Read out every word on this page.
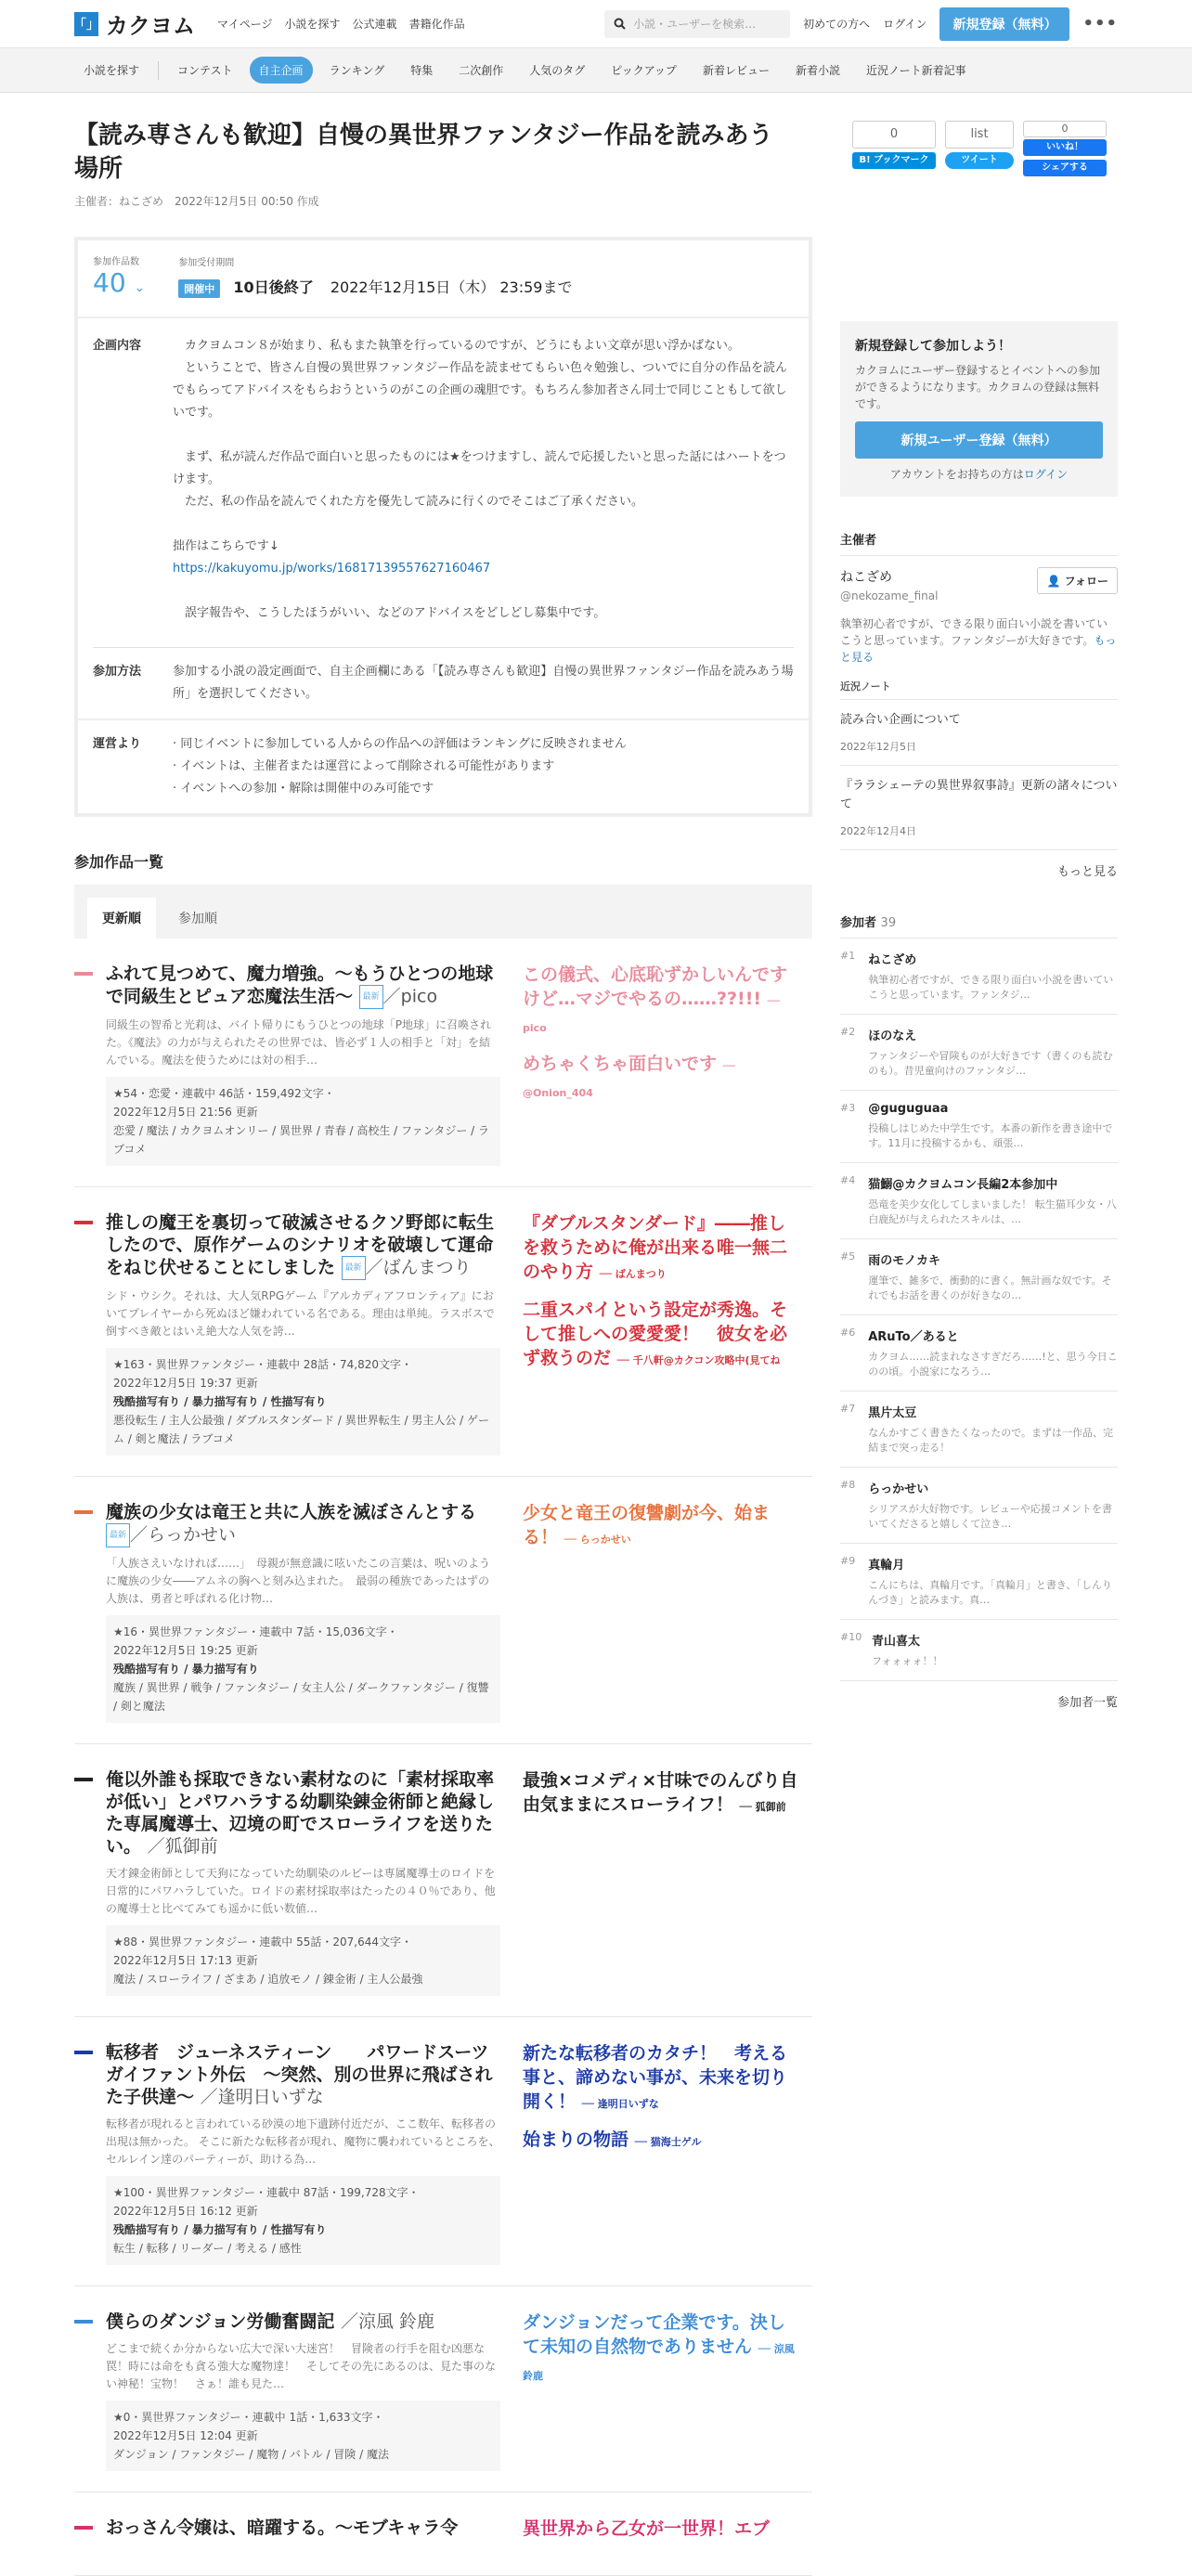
「」 カクヨム マイページ 小説を探す 公式連載 書籍化作品	小説・ユーザーを検索…	初めての方へ ログイン	新規登録（無料）	•••
小説を探す	コンテスト	自主企画	ランキング	特集	二次創作	人気のタグ	ピックアップ	新着レビュー	新着小説	近況ノート新着記事
0
B! ブックマーク
list
ツイート
0
いいね！
シェアする
【読み専さんも歓迎】自慢の異世界ファンタジー作品を読みあう場所
主催者：ねこざめ　2022年12月5日 00:50 作成
参加作品数
40 ⌄
参加受付期間
開催中 10日後終了 2022年12月15日（木） 23:59まで
企画内容	カクヨムコン８が始まり、私もまた執筆を行っているのですが、どうにもよい文章が思い浮かばない。

ということで、皆さん自慢の異世界ファンタジー作品を読ませてもらい色々勉強し、ついでに自分の作品を読んでもらってアドバイスをもらおうというのがこの企画の魂胆です。もちろん参加者さん同士で同じこともして欲しいです。

まず、私が読んだ作品で面白いと思ったものには★をつけますし、読んで応援したいと思った話にはハートをつけます。

ただ、私の作品を読んでくれた方を優先して読みに行くのでそこはご了承ください。

拙作はこちらです↓

https://kakuyomu.jp/works/16817139557627160467

誤字報告や、こうしたほうがいい、などのアドバイスをどしどし募集中です。

参加方法	参加する小説の設定画面で、自主企画欄にある「【読み専さんも歓迎】自慢の異世界ファンタジー作品を読みあう場所」を選択してください。
運営より	· 同じイベントに参加している人からの作品への評価はランキングに反映されません
· イベントは、主催者または運営によって削除される可能性があります
· イベントへの参加・解除は開催中のみ可能です
参加作品一覧
更新順	参加順
ふれて見つめて、魔力増強。～もうひとつの地球で同級生とピュア恋魔法生活～ 最新 ／pico
同級生の智希と光莉は、バイト帰りにもうひとつの地球「P地球」に召喚された。《魔法》の力が与えられたその世界では、皆必ず１人の相手と「対」を結んでいる。魔法を使うためには対の相手…
★54・恋愛・連載中 46話・159,492文字・
2022年12月5日 21:56 更新
恋愛 / 魔法 / カクヨムオンリー / 異世界 / 青春 / 高校生 / ファンタジー / ラブコメ
この儀式、心底恥ずかしいんですけど…マジでやるの……??!!! ── pico
めちゃくちゃ面白いです ── @Onion_404
推しの魔王を裏切って破滅させるクソ野郎に転生したので、原作ゲームのシナリオを破壊して運命をねじ伏せることにしました 最新 ／ばんまつり
シド・ウシク。それは、大人気RPGゲーム『アルカディアフロンティア』においてプレイヤーから死ぬほど嫌われている名である。理由は単純。ラスボスで倒すべき敵とはいえ絶大な人気を誇…
★163・異世界ファンタジー・連載中 28話・74,820文字・
2022年12月5日 19:37 更新
残酷描写有り / 暴力描写有り / 性描写有り
悪役転生 / 主人公最強 / ダブルスタンダード / 異世界転生 / 男主人公 / ゲーム / 剣と魔法 / ラブコメ
『ダブルスタンダード』――推しを救うために俺が出来る唯一無二のやり方 ── ばんまつり
二重スパイという設定が秀逸。そして推しへの愛愛愛！　彼女を必ず救うのだ ── 千八軒@カクコン攻略中(見てね
魔族の少女は竜王と共に人族を滅ぼさんとする 最新 ／らっかせい
「人族さえいなければ……」　母親が無意識に呟いたこの言葉は、呪いのように魔族の少女――アムネの胸へと刻み込まれた。　最弱の種族であったはずの人族は、勇者と呼ばれる化け物…
★16・異世界ファンタジー・連載中 7話・15,036文字・
2022年12月5日 19:25 更新
残酷描写有り / 暴力描写有り
魔族 / 異世界 / 戦争 / ファンタジー / 女主人公 / ダークファンタジー / 復讐 / 剣と魔法
少女と竜王の復讐劇が今、始まる！ ── らっかせい
俺以外誰も採取できない素材なのに「素材採取率が低い」とパワハラする幼馴染錬金術師と絶縁した専属魔導士、辺境の町でスローライフを送りたい。 ／狐御前
天才錬金術師として天狗になっていた幼馴染のルビーは専属魔導士のロイドを日常的にパワハラしていた。ロイドの素材採取率はたったの４０％であり、他の魔導士と比べてみても遥かに低い数値…
★88・異世界ファンタジー・連載中 55話・207,644文字・
2022年12月5日 17:13 更新
魔法 / スローライフ / ざまあ / 追放モノ / 錬金術 / 主人公最強
最強×コメディ×甘味でのんびり自由気ままにスローライフ！ ── 狐御前
転移者　ジューネスティーン　　パワードスーツ　ガイファント外伝　〜突然、別の世界に飛ばされた子供達〜 ／逢明日いずな
転移者が現れると言われている砂漠の地下遺跡付近だが、ここ数年、転移者の出現は無かった。 そこに新たな転移者が現れ、魔物に襲われているところを、セルレイン達のパーティーが、助ける為…
★100・異世界ファンタジー・連載中 87話・199,728文字・
2022年12月5日 16:12 更新
残酷描写有り / 暴力描写有り / 性描写有り
転生 / 転移 / リーダー / 考える / 感性
新たな転移者のカタチ！　考える事と、諦めない事が、未来を切り開く！ ── 逢明日いずな
始まりの物語 ── 猫海士ゲル
僕らのダンジョン労働奮闘記 ／涼風 鈴鹿
どこまで続くか分からない広大で深い大迷宮！　冒険者の行手を阻む凶悪な罠！時には命をも貪る強大な魔物達！　そしてその先にあるのは、見た事のない神秘！宝物！　さぁ！誰も見た…
★0・異世界ファンタジー・連載中 1話・1,633文字・
2022年12月5日 12:04 更新
ダンジョン / ファンタジー / 魔物 / バトル / 冒険 / 魔法
ダンジョンだって企業です。決して未知の自然物でありません ── 涼風 鈴鹿
おっさん令嬢は、暗躍する。～モブキャラ令	異世界から乙女が一世界！エブ
新規登録して参加しよう！

カクヨムにユーザー登録するとイベントへの参加ができるようになります。カクヨムの登録は無料です。

新規ユーザー登録（無料）
アカウントをお持ちの方はログイン
主催者
ねこざめ
@nekozame_final
👤 フォロー
執筆初心者ですが、できる限り面白い小説を書いていこうと思っています。ファンタジーが大好きです。もっと見る
近況ノート
読み合い企画について
2022年12月5日
『ララシェーテの異世界叙事詩』更新の諸々について
2022年12月4日
もっと見る
参加者 39
#1 ねこざめ
執筆初心者ですが、できる限り面白い小説を書いていこうと思っています。ファンタジ…
#2 ほのなえ
ファンタジーや冒険ものが大好きです（書くのも読むのも）。昔児童向けのファンタジ…
#3 @guguguaa
投稿しはじめた中学生です。本番の新作を書き途中です。11月に投稿するかも、頑張…
#4 猫鰯@カクヨムコン長編2本参加中
恐竜を美少女化してしまいました！ 転生猫耳少女・八白鹿紀が与えられたスキルは、…
#5 雨のモノカキ
運筆で、雑多で、衝動的に書く。無計画な奴です。それでもお話を書くのが好きなの…
#6 ARuTo／あると
カクヨム……読まれなさすぎだろ……!と、思う今日このの頃。小説家になろう…
#7 黒片太豆
なんかすごく書きたくなったので。まずは一作品、完結まで突っ走る！
#8 らっかせい
シリアスが大好物です。レビューや応援コメントを書いてくださると嬉しくて泣き…
#9 真輪月
こんにちは、真輪月です。「真輪月」と書き、「しんりんづき」と読みます。真…
#10 青山喜太
フォォォォ！！
参加者一覧
